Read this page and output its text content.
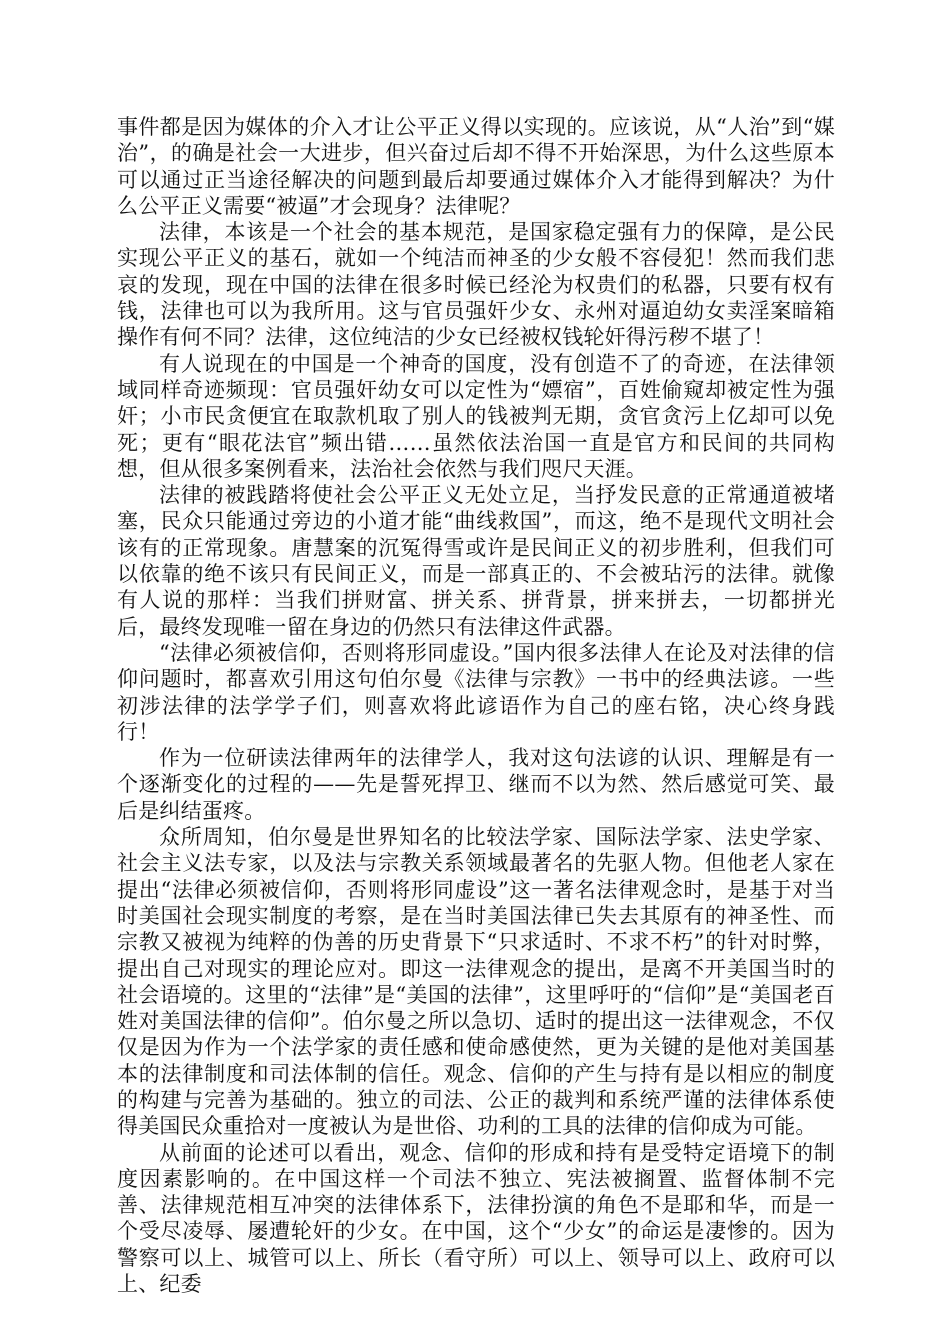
事件都是因为媒体的介入才让公平正义得以实现的。应该说，从“人治”到“媒治”，的确是社会一大进步，但兴奋过后却不得不开始深思，为什么这些原本可以通过正当途径解决的问题到最后却要通过媒体介入才能得到解决？为什么公平正义需要“被逼”才会现身？法律呢？

法律，本该是一个社会的基本规范，是国家稳定强有力的保障，是公民实现公平正义的基石，就如一个纯洁而神圣的少女般不容侵犯！然而我们悲哀的发现，现在中国的法律在很多时候已经沦为权贵们的私器，只要有权有钱，法律也可以为我所用。这与官员强奸少女、永州对逼迫幼女卖淫案暗箱操作有何不同？法律，这位纯洁的少女已经被权钱轮奸得污秽不堪了！

有人说现在的中国是一个神奇的国度，没有创造不了的奇迹，在法律领域同样奇迹频现：官员强奸幼女可以定性为“嫖宿”，百姓偷窥却被定性为强奸；小市民贪便宜在取款机取了别人的钱被判无期，贪官贪污上亿却可以免死；更有“眼花法官”频出错……虽然依法治国一直是官方和民间的共同构想，但从很多案例看来，法治社会依然与我们咫尺天涯。

法律的被践踏将使社会公平正义无处立足，当抒发民意的正常通道被堵塞，民众只能通过旁边的小道才能“曲线救国”，而这，绝不是现代文明社会该有的正常现象。唐慧案的沉冤得雪或许是民间正义的初步胜利，但我们可以依靠的绝不该只有民间正义，而是一部真正的、不会被玷污的法律。就像有人说的那样：当我们拼财富、拼关系、拼背景，拼来拼去，一切都拼光后，最终发现唯一留在身边的仍然只有法律这件武器。

“法律必须被信仰，否则将形同虚设。”国内很多法律人在论及对法律的信仰问题时，都喜欢引用这句伯尔曼《法律与宗教》一书中的经典法谚。一些初涉法律的法学学子们，则喜欢将此谚语作为自己的座右铭，决心终身践行！

作为一位研读法律两年的法律学人，我对这句法谚的认识、理解是有一个逐渐变化的过程的——先是誓死捍卫、继而不以为然、然后感觉可笑、最后是纠结蛋疼。

众所周知，伯尔曼是世界知名的比较法学家、国际法学家、法史学家、社会主义法专家，以及法与宗教关系领域最著名的先驱人物。但他老人家在提出“法律必须被信仰，否则将形同虚设”这一著名法律观念时，是基于对当时美国社会现实制度的考察，是在当时美国法律已失去其原有的神圣性、而宗教又被视为纯粹的伪善的历史背景下“只求适时、不求不朽”的针对时弊，提出自己对现实的理论应对。即这一法律观念的提出，是离不开美国当时的社会语境的。这里的“法律”是“美国的法律”，这里呼吁的“信仰”是“美国老百姓对美国法律的信仰”。伯尔曼之所以急切、适时的提出这一法律观念，不仅仅是因为作为一个法学家的责任感和使命感使然，更为关键的是他对美国基本的法律制度和司法体制的信任。观念、信仰的产生与持有是以相应的制度的构建与完善为基础的。独立的司法、公正的裁判和系统严谨的法律体系使得美国民众重拾对一度被认为是世俗、功利的工具的法律的信仰成为可能。

从前面的论述可以看出，观念、信仰的形成和持有是受特定语境下的制度因素影响的。在中国这样一个司法不独立、宪法被搁置、监督体制不完善、法律规范相互冲突的法律体系下，法律扮演的角色不是耶和华，而是一个受尽凌辱、屡遭轮奸的少女。在中国，这个“少女”的命运是凄惨的。因为警察可以上、城管可以上、所长（看守所）可以上、领导可以上、政府可以上、纪委
